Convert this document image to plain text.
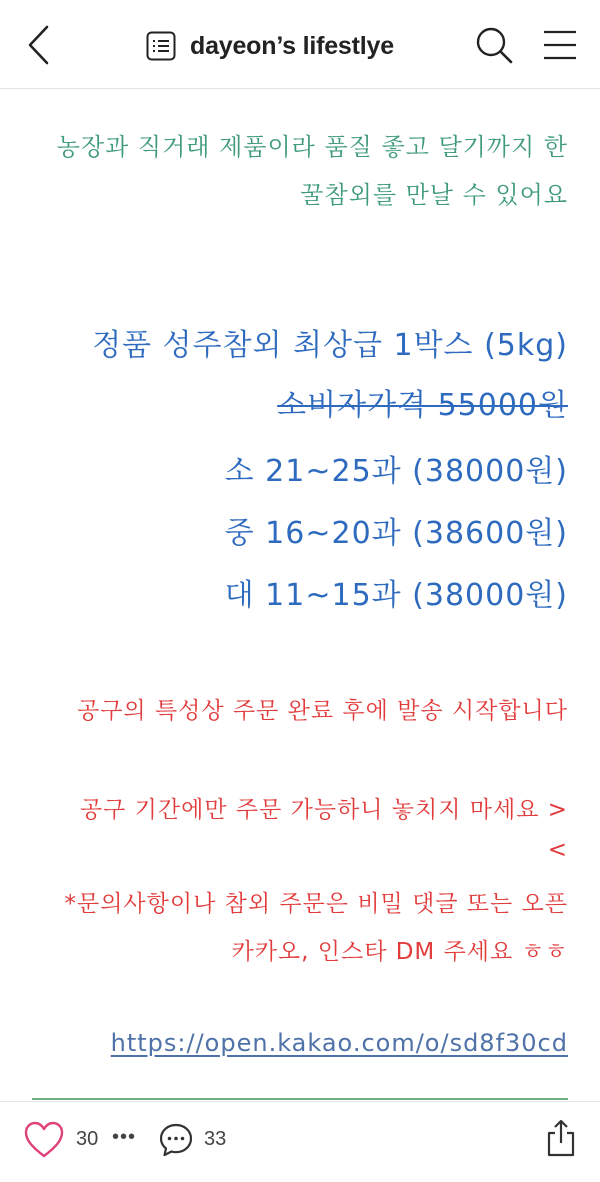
dayeon’s lifestlye
농장과 직거래 제품이라 품질 좋고 달기까지 한
꿀참외를 만날 수 있어요
정품 성주참외 최상급 1박스 (5kg)
소비자가격 55000원
소 21~25과 (38000원)
중 16~20과 (38600원)
대 11~15과 (38000원)
공구의 특성상 주문 완료 후에 발송 시작합니다
공구 기간에만 주문 가능하니 놓치지 마세요 >
<
*문의사항이나 참외 주문은 비밀 댓글 또는 오픈
카카오, 인스타 DM 주세요 ㅎㅎ
https://open.kakao.com/o/sd8f30cd
30 •••	33
